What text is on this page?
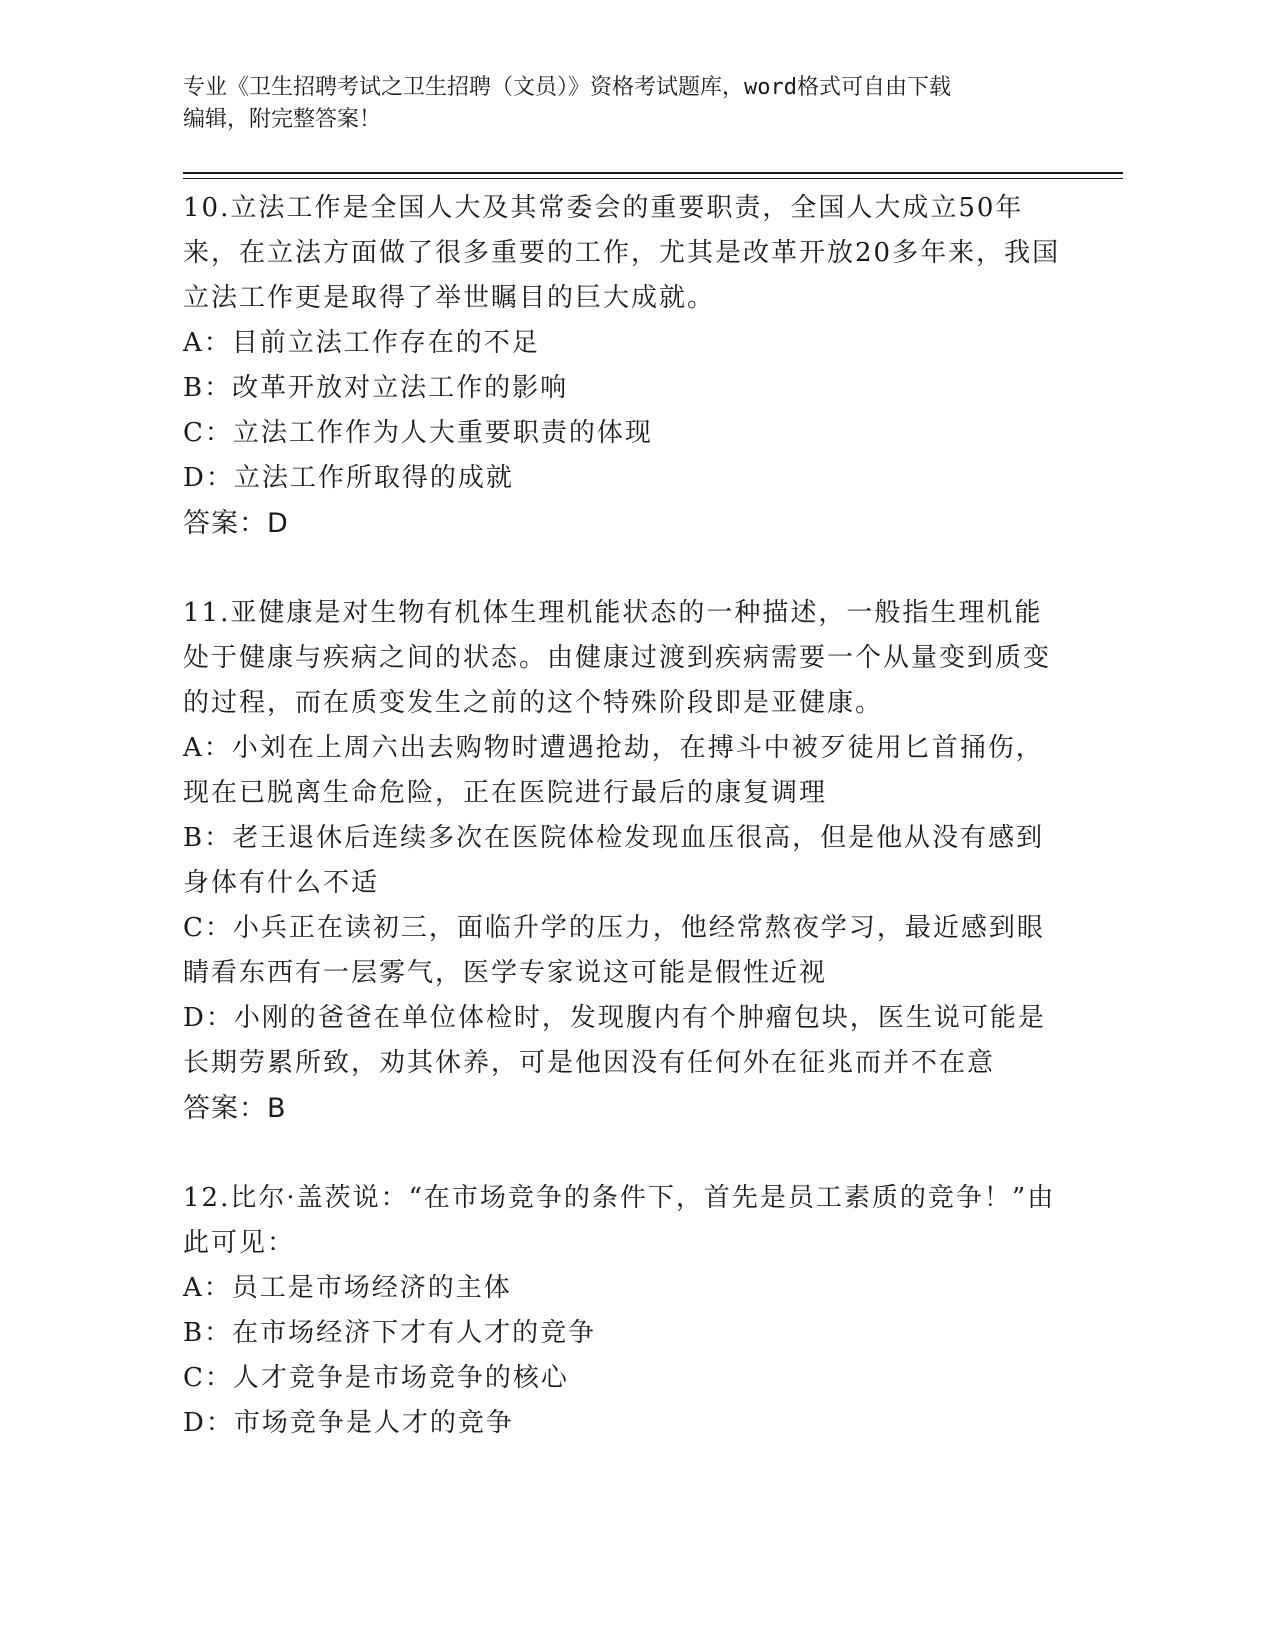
专业《卫生招聘考试之卫生招聘（文员）》资格考试题库，word格式可自由下载
编辑，附完整答案！

10.立法工作是全国人大及其常委会的重要职责，全国人大成立50年来，在立法方面做了很多重要的工作，尤其是改革开放20多年来，我国立法工作更是取得了举世瞩目的巨大成就。

A：目前立法工作存在的不足

B：改革开放对立法工作的影响

C：立法工作作为人大重要职责的体现

D：立法工作所取得的成就

答案：D

11.亚健康是对生物有机体生理机能状态的一种描述，一般指生理机能处于健康与疾病之间的状态。由健康过渡到疾病需要一个从量变到质变的过程，而在质变发生之前的这个特殊阶段即是亚健康。

A：小刘在上周六出去购物时遭遇抢劫，在搏斗中被歹徒用匕首捅伤，现在已脱离生命危险，正在医院进行最后的康复调理

B：老王退休后连续多次在医院体检发现血压很高，但是他从没有感到身体有什么不适

C：小兵正在读初三，面临升学的压力，他经常熬夜学习，最近感到眼睛看东西有一层雾气，医学专家说这可能是假性近视

D：小刚的爸爸在单位体检时，发现腹内有个肿瘤包块，医生说可能是长期劳累所致，劝其休养，可是他因没有任何外在征兆而并不在意

答案：B

12.比尔·盖茨说：“在市场竞争的条件下，首先是员工素质的竞争！”由此可见：

A：员工是市场经济的主体

B：在市场经济下才有人才的竞争

C：人才竞争是市场竞争的核心

D：市场竞争是人才的竞争
